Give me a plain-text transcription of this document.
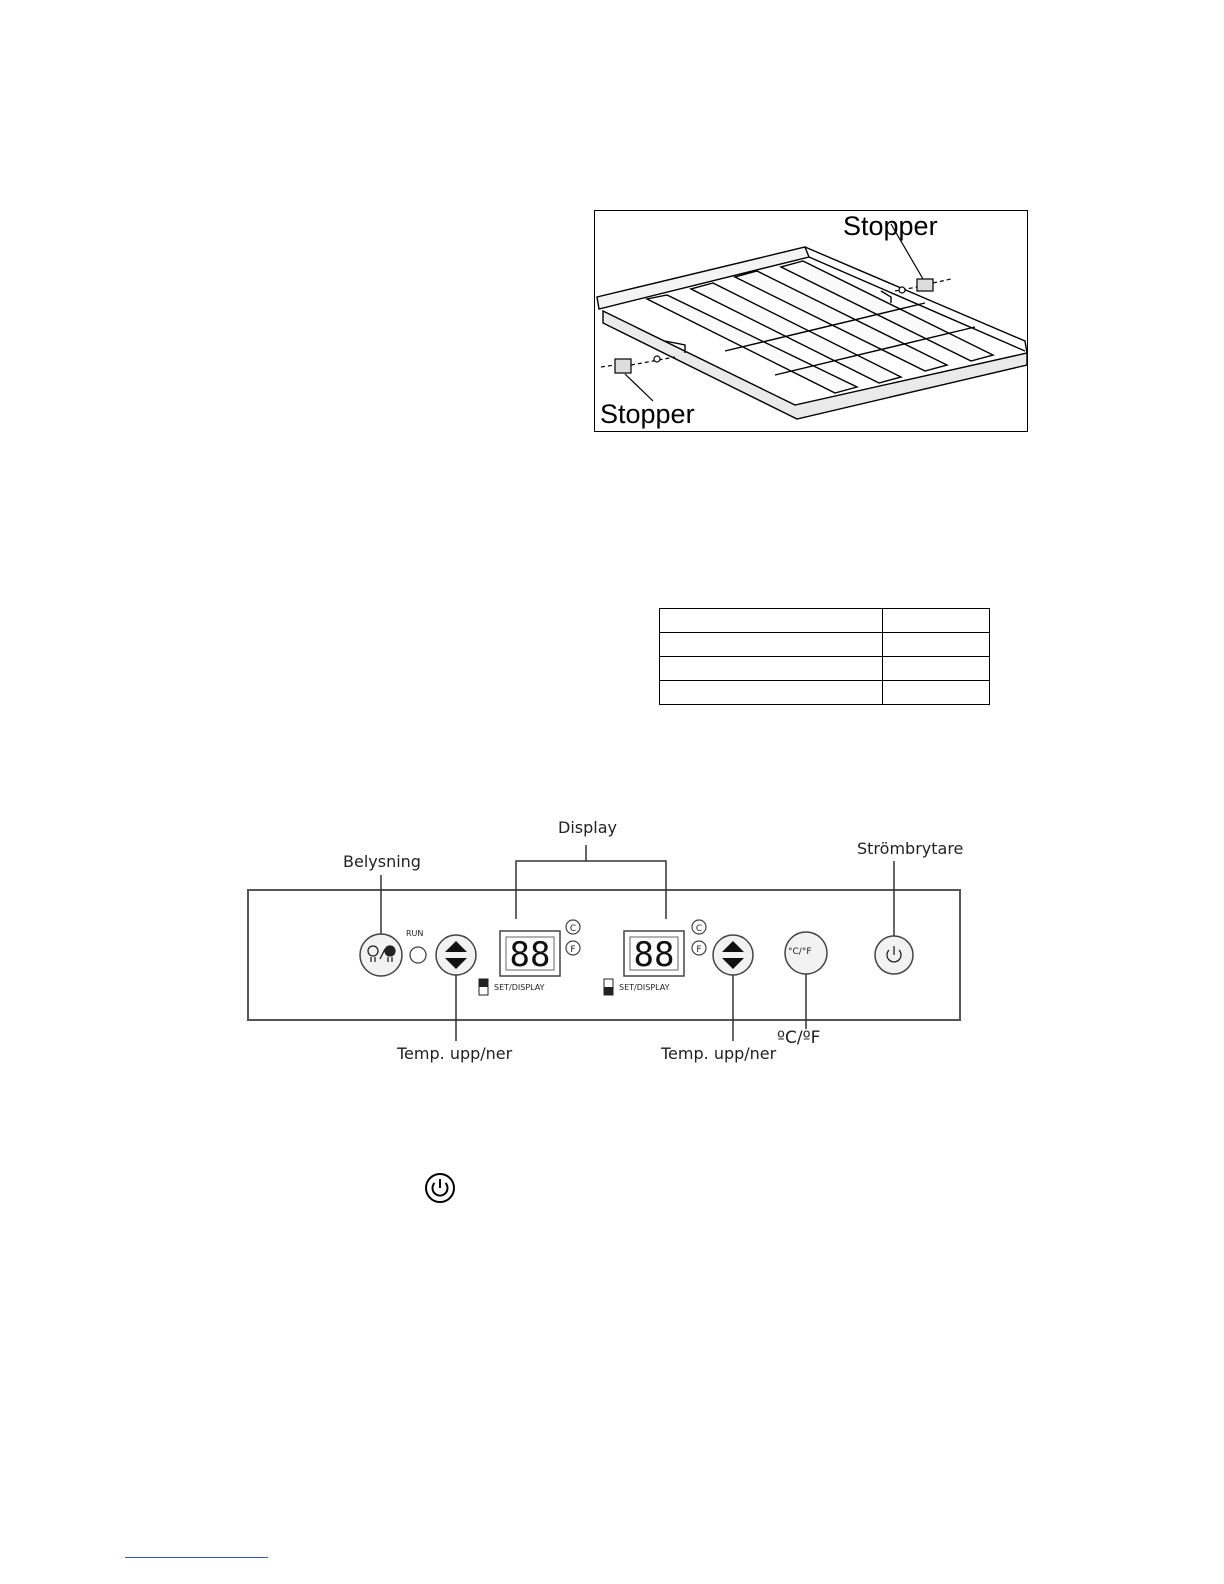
Stopper
Stopper

88
C
F 88
C
F
Display
Belysning
Strömbrytare
Temp. upp/ner	Temp. upp/ner
ºC/ºF
RUN
SET/DISPLAY	SET/DISPLAY
°C/°F
